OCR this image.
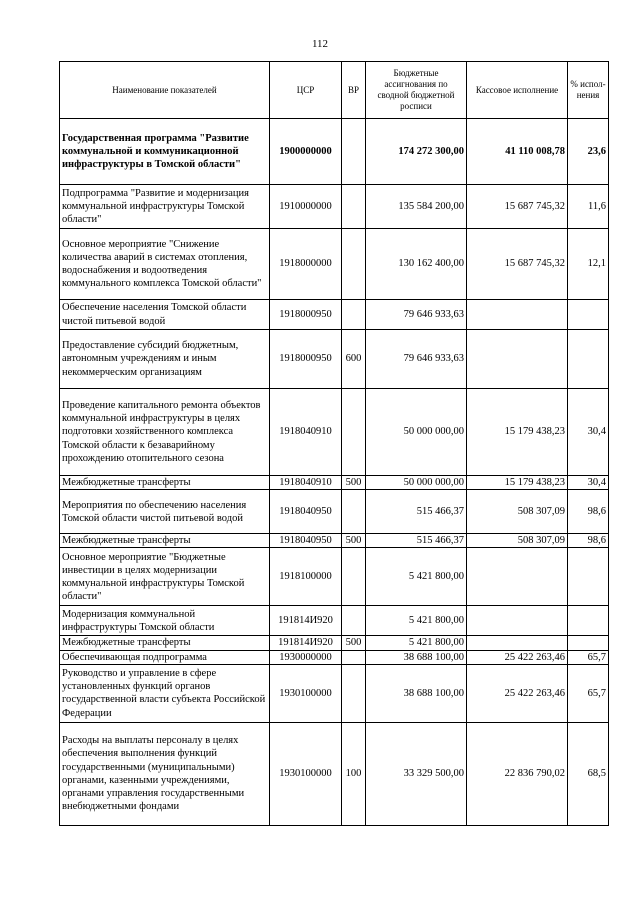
112
Наименование показателей	ЦСР	ВР	Бюджетные ассигнования по сводной бюджетной росписи	Кассовое исполнение	% испол-нения
Государственная программа "Развитие коммунальной и коммуникационной инфраструктуры в Томской области"	1900000000		174 272 300,00	41 110 008,78	23,6
Подпрограмма "Развитие и модернизация коммунальной инфраструктуры Томской области"	1910000000		135 584 200,00	15 687 745,32	11,6
Основное мероприятие "Снижение количества аварий в системах отопления, водоснабжения и водоотведения коммунального комплекса Томской области"	1918000000		130 162 400,00	15 687 745,32	12,1
Обеспечение населения Томской области чистой питьевой водой	1918000950		79 646 933,63		
Предоставление субсидий бюджетным, автономным учреждениям и иным некоммерческим организациям	1918000950	600	79 646 933,63		
Проведение капитального ремонта объектов коммунальной инфраструктуры в целях подготовки хозяйственного комплекса Томской области к безаварийному прохождению отопительного сезона	1918040910		50 000 000,00	15 179 438,23	30,4
Межбюджетные трансферты	1918040910	500	50 000 000,00	15 179 438,23	30,4
Мероприятия по обеспечению населения Томской области чистой питьевой водой	1918040950		515 466,37	508 307,09	98,6
Межбюджетные трансферты	1918040950	500	515 466,37	508 307,09	98,6
Основное мероприятие "Бюджетные инвестиции в целях модернизации коммунальной инфраструктуры Томской области"	1918100000		5 421 800,00		
Модернизация коммунальной инфраструктуры Томской области	191814И920		5 421 800,00		
Межбюджетные трансферты	191814И920	500	5 421 800,00		
Обеспечивающая подпрограмма	1930000000		38 688 100,00	25 422 263,46	65,7
Руководство и управление в сфере установленных функций органов государственной власти субъекта Российской Федерации	1930100000		38 688 100,00	25 422 263,46	65,7
Расходы на выплаты персоналу в целях обеспечения выполнения функций государственными (муниципальными) органами, казенными учреждениями, органами управления государственными внебюджетными фондами	1930100000	100	33 329 500,00	22 836 790,02	68,5
